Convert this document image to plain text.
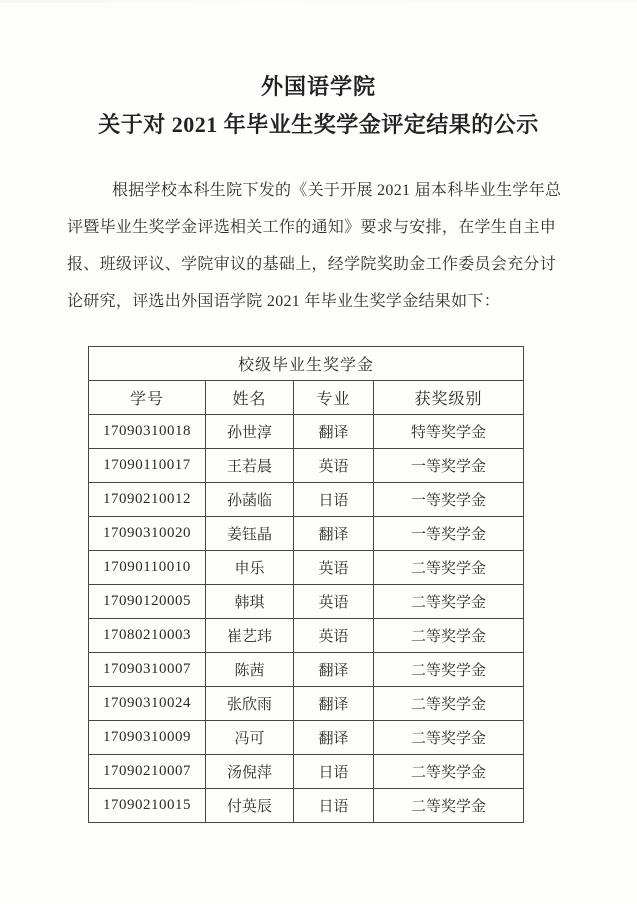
外国语学院
关于对 2021 年毕业生奖学金评定结果的公示
根据学校本科生院下发的《关于开展 2021 届本科毕业生学年总
评暨毕业生奖学金评选相关工作的通知》要求与安排，在学生自主申
报、班级评议、学院审议的基础上，经学院奖助金工作委员会充分讨
论研究，评选出外国语学院 2021 年毕业生奖学金结果如下：
校级毕业生奖学金			
学号	姓名	专业	获奖级别
17090310018	孙世淳	翻译	特等奖学金
17090110017	王若晨	英语	一等奖学金
17090210012	孙菡临	日语	一等奖学金
17090310020	姜钰晶	翻译	一等奖学金
17090110010	申乐	英语	二等奖学金
17090120005	韩琪	英语	二等奖学金
17080210003	崔艺玮	英语	二等奖学金
17090310007	陈茜	翻译	二等奖学金
17090310024	张欣雨	翻译	二等奖学金
17090310009	冯可	翻译	二等奖学金
17090210007	汤倪萍	日语	二等奖学金
17090210015	付英辰	日语	二等奖学金
